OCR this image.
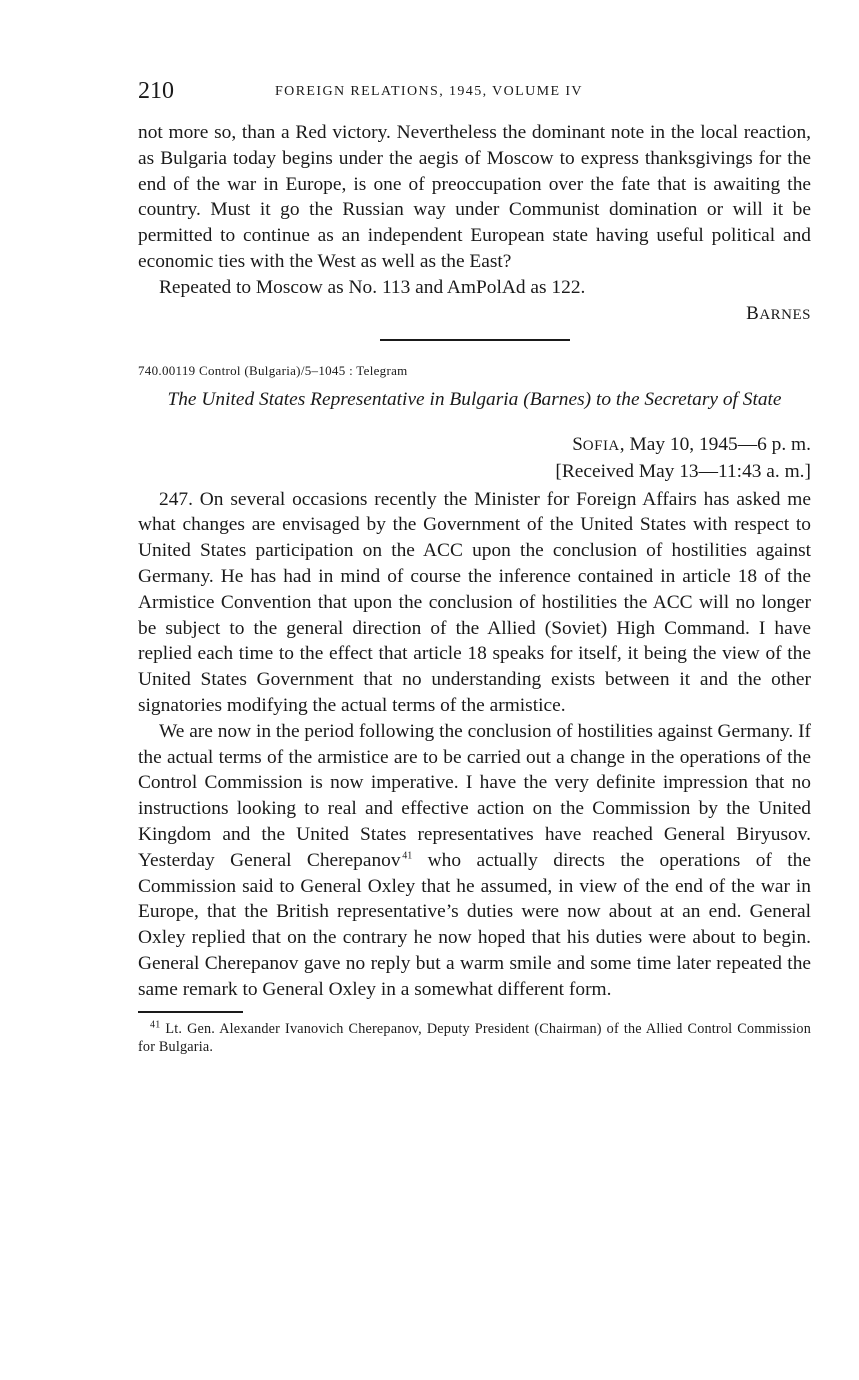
210	FOREIGN RELATIONS, 1945, VOLUME IV

not more so, than a Red victory. Nevertheless the dominant note in the local reaction, as Bulgaria today begins under the aegis of Moscow to express thanksgivings for the end of the war in Europe, is one of preoccupation over the fate that is awaiting the country. Must it go the Russian way under Communist domination or will it be permitted to continue as an independent European state having useful political and economic ties with the West as well as the East?

Repeated to Moscow as No. 113 and AmPolAd as 122.

BARNES
740.00119 Control (Bulgaria)/5–1045 : Telegram
The United States Representative in Bulgaria (Barnes) to the Secretary of State
SOFIA, May 10, 1945—6 p. m.
[Received May 13—11:43 a. m.]

247. On several occasions recently the Minister for Foreign Affairs has asked me what changes are envisaged by the Government of the United States with respect to United States participation on the ACC upon the conclusion of hostilities against Germany. He has had in mind of course the inference contained in article 18 of the Armistice Convention that upon the conclusion of hostilities the ACC will no longer be subject to the general direction of the Allied (Soviet) High Command. I have replied each time to the effect that article 18 speaks for itself, it being the view of the United States Government that no understanding exists between it and the other signatories modifying the actual terms of the armistice.

We are now in the period following the conclusion of hostilities against Germany. If the actual terms of the armistice are to be carried out a change in the operations of the Control Commission is now imperative. I have the very definite impression that no instructions looking to real and effective action on the Commission by the United Kingdom and the United States representatives have reached General Biryusov. Yesterday General Cherepanov  $^{41}$ who actually directs the operations of the Commission said to General Oxley that he assumed, in view of the end of the war in Europe, that the British representative’s duties were now about at an end. General Oxley replied that on the contrary he now hoped that his duties were about to begin. General Cherepanov gave no reply but a warm smile and some time later repeated the same remark to General Oxley in a somewhat different form.

$^{41}$ Lt. Gen. Alexander Ivanovich Cherepanov, Deputy President (Chairman) of the Allied Control Commission for Bulgaria.
